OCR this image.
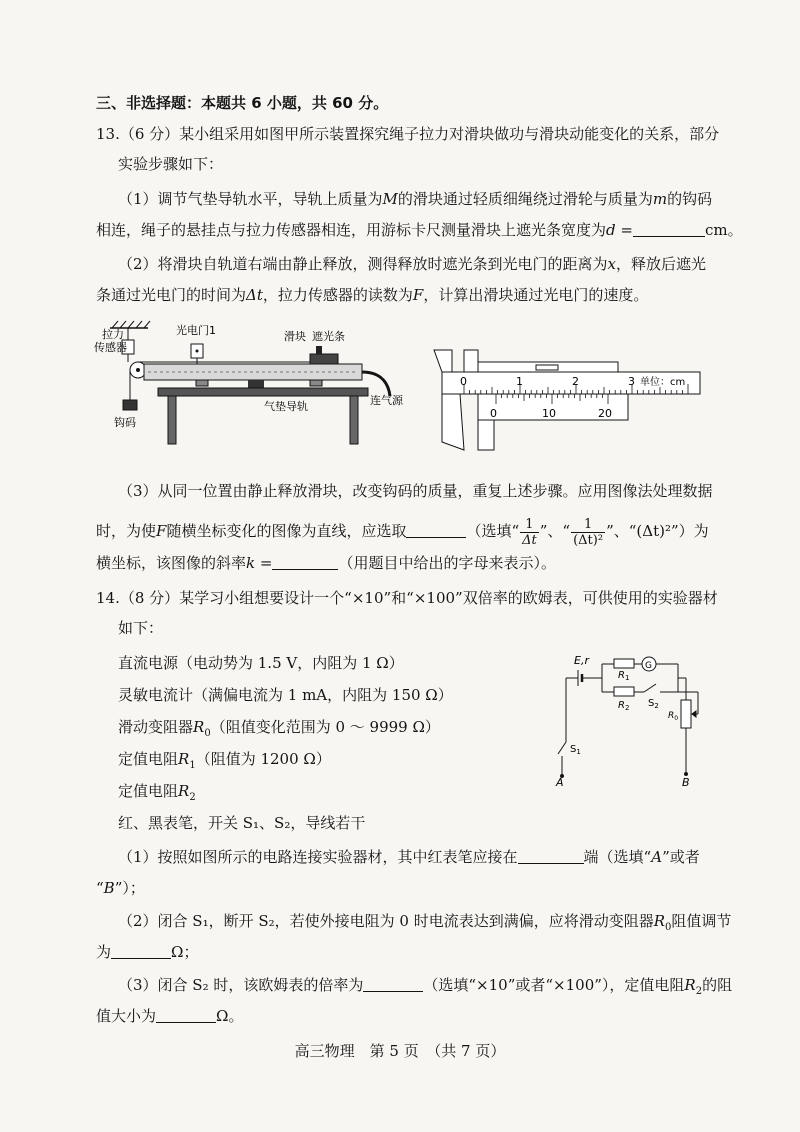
三、非选择题：本题共 6 小题，共 60 分。
13.（6 分）某小组采用如图甲所示装置探究绳子拉力对滑块做功与滑块动能变化的关系，部分
实验步骤如下：
（1）调节气垫导轨水平，导轨上质量为M的滑块通过轻质细绳绕过滑轮与质量为m的钩码
相连，绳子的悬挂点与拉力传感器相连，用游标卡尺测量滑块上遮光条宽度为d =	cm。
（2）将滑块自轨道右端由静止释放，测得释放时遮光条到光电门的距离为x，释放后遮光
条通过光电门的时间为Δt，拉力传感器的读数为F，计算出滑块通过光电门的速度。
拉力
传感器
光电门1	滑块 遮光条
气垫导轨	连气源
钩码
0	1	2	3 单位：cm
0	10	20
（3）从同一位置由静止释放滑块，改变钩码的质量，重复上述步骤。应用图像法处理数据
时，为使F随横坐标变化的图像为直线，应选取	（选填“ $\frac{1}{\Delta t}$ ”、“ $\frac{1}{\text{(Δt)²}}$ ”、“(Δt)²”）为
横坐标，该图像的斜率k =	（用题目中给出的字母来表示）。
14.（8 分）某学习小组想要设计一个“×10”和“×100”双倍率的欧姆表，可供使用的实验器材
如下：
直流电源（电动势为 1.5 V，内阻为 1 Ω）
灵敏电流计（满偏电流为 1 mA，内阻为 150 Ω）
滑动变阻器$R_0$（阻值变化范围为 0 ～ 9999 Ω）
定值电阻$R_1$（阻值为 1200 Ω）
定值电阻$R_2$
红、黑表笔，开关 S₁、S₂，导线若干
E,r	G
$R_1$
$R_2$ $S_2$
$R_0$
$S_1$
A	B
（1）按照如图所示的电路连接实验器材，其中红表笔应接在	端（选填“A”或者
“B”）；
（2）闭合 S₁，断开 S₂，若使外接电阻为 0 时电流表达到满偏，应将滑动变阻器$R_0$阻值调节
为	Ω；
（3）闭合 S₂ 时，该欧姆表的倍率为	（选填“×10”或者“×100”），定值电阻$R_2$的阻
值大小为	Ω。
高三物理　第 5 页　（共 7 页）
